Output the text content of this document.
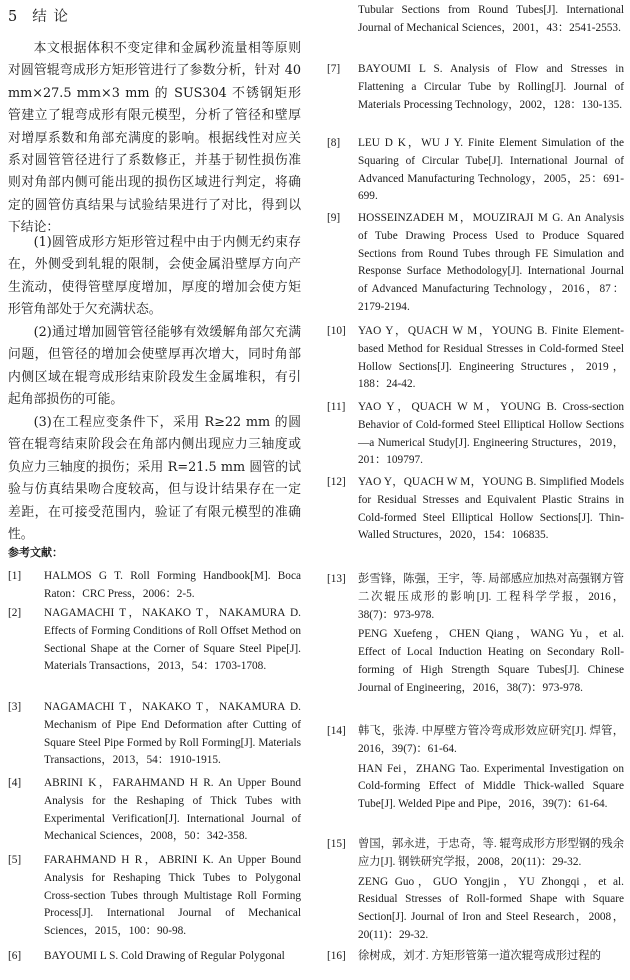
5 结 论

本文根据体积不变定律和金属秒流量相等原则对圆管辊弯成形方矩形管进行了参数分析，针对 40 mm×27.5 mm×3 mm 的 SUS304 不锈钢矩形管建立了辊弯成形有限元模型，分析了管径和壁厚对增厚系数和角部充满度的影响。根据线性对应关系对圆管管径进行了系数修正，并基于韧性损伤准则对角部内侧可能出现的损伤区域进行判定，将确定的圆管仿真结果与试验结果进行了对比，得到以下结论：

(1)圆管成形方矩形管过程中由于内侧无约束存在，外侧受到轧辊的限制，会使金属沿壁厚方向产生流动，使得管壁厚度增加，厚度的增加会使方矩形管角部处于欠充满状态。

(2)通过增加圆管管径能够有效缓解角部欠充满问题，但管径的增加会使壁厚再次增大，同时角部内侧区域在辊弯成形结束阶段发生金属堆积，有引起角部损伤的可能。

(3)在工程应变条件下，采用 R≥22 mm 的圆管在辊弯结束阶段会在角部内侧出现应力三轴度或负应力三轴度的损伤；采用 R=21.5 mm 圆管的试验与仿真结果吻合度较高，但与设计结果存在一定差距，在可接受范围内，验证了有限元模型的准确性。

参考文献：
[1] HALMOS G T. Roll Forming Handbook[M]. Boca Raton：CRC Press，2006：2-5.
[2] NAGAMACHI T，NAKAKO T，NAKAMURA D. Effects of Forming Conditions of Roll Offset Method on Sectional Shape at the Corner of Square Steel Pipe[J]. Materials Transactions，2013，54：1703-1708.
[3] NAGAMACHI T，NAKAKO T，NAKAMURA D. Mechanism of Pipe End Deformation after Cutting of Square Steel Pipe Formed by Roll Forming[J]. Materials Transactions，2013，54：1910-1915.
[4] ABRINI K，FARAHMAND H R. An Upper Bound Analysis for the Reshaping of Thick Tubes with Experimental Verification[J]. International Journal of Mechanical Sciences，2008，50：342-358.
[5] FARAHMAND H R，ABRINI K. An Upper Bound Analysis for Reshaping Thick Tubes to Polygonal Cross-section Tubes through Multistage Roll Forming Process[J]. International Journal of Mechanical Sciences，2015，100：90-98.
[6] BAYOUMI L S. Cold Drawing of Regular Polygonal
Tubular Sections from Round Tubes[J]. International Journal of Mechanical Sciences，2001，43：2541-2553.
[7] BAYOUMI L S. Analysis of Flow and Stresses in Flattening a Circular Tube by Rolling[J]. Journal of Materials Processing Technology，2002，128：130-135.
[8] LEU D K，WU J Y. Finite Element Simulation of the Squaring of Circular Tube[J]. International Journal of Advanced Manufacturing Technology，2005，25：691-699.
[9] HOSSEINZADEH M，MOUZIRAJI M G. An Analysis of Tube Drawing Process Used to Produce Squared Sections from Round Tubes through FE Simulation and Response Surface Methodology[J]. International Journal of Advanced Manufacturing Technology，2016，87：2179-2194.
[10] YAO Y，QUACH W M，YOUNG B. Finite Element-based Method for Residual Stresses in Cold-formed Steel Hollow Sections[J]. Engineering Structures，2019，188：24-42.
[11] YAO Y，QUACH W M，YOUNG B. Cross-section Behavior of Cold-formed Steel Elliptical Hollow Sections—a Numerical Study[J]. Engineering Structures，2019，201：109797.
[12] YAO Y，QUACH W M，YOUNG B. Simplified Models for Residual Stresses and Equivalent Plastic Strains in Cold-formed Steel Elliptical Hollow Sections[J]. Thin-Walled Structures，2020，154：106835.
[13] 彭雪锋，陈强，王宇，等. 局部感应加热对高强钢方管二次辊压成形的影响[J]. 工程科学学报，2016，38(7)：973-978.
PENG Xuefeng，CHEN Qiang，WANG Yu，et al. Effect of Local Induction Heating on Secondary Roll-forming of High Strength Square Tubes[J]. Chinese Journal of Engineering，2016，38(7)：973-978.
[14] 韩飞，张涛. 中厚壁方管冷弯成形效应研究[J]. 焊管，2016，39(7)：61-64.
HAN Fei，ZHANG Tao. Experimental Investigation on Cold-forming Effect of Middle Thick-walled Square Tube[J]. Welded Pipe and Pipe，2016，39(7)：61-64.
[15] 曾国，郭永进，于忠奇，等. 辊弯成形方形型钢的残余应力[J]. 钢铁研究学报，2008，20(11)：29-32.
ZENG Guo，GUO Yongjin，YU Zhongqi，et al. Residual Stresses of Roll-formed Shape with Square Section[J]. Journal of Iron and Steel Research，2008，20(11)：29-32.
[16] 徐树成，刘才. 方矩形管第一道次辊弯成形过程的
